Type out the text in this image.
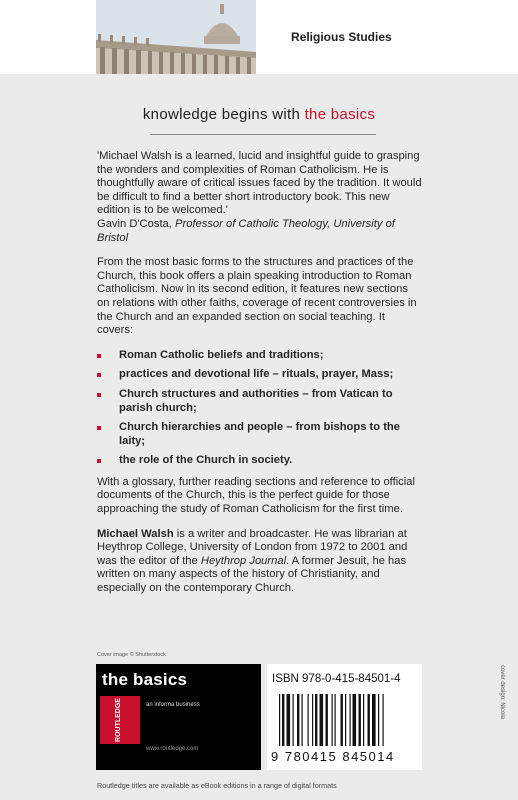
Religious Studies
knowledge begins with the basics

'Michael Walsh is a learned, lucid and insightful guide to grasping the wonders and complexities of Roman Catholicism. He is thoughtfully aware of critical issues faced by the tradition. It would be difficult to find a better short introductory book. This new edition is to be welcomed.'

Gavin D'Costa, Professor of Catholic Theology, University of Bristol

From the most basic forms to the structures and practices of the Church, this book offers a plain speaking introduction to Roman Catholicism. Now in its second edition, it features new sections on relations with other faiths, coverage of recent controversies in the Church and an expanded section on social teaching. It covers:

Roman Catholic beliefs and traditions;
practices and devotional life – rituals, prayer, Mass;
Church structures and authorities – from Vatican to parish church;
Church hierarchies and people – from bishops to the laity;
the role of the Church in society.

With a glossary, further reading sections and reference to official documents of the Church, this is the perfect guide for those approaching the study of Roman Catholicism for the first time.

Michael Walsh is a writer and broadcaster. He was librarian at Heythrop College, University of London from 1972 to 2001 and was the editor of the Heythrop Journal. A former Jesuit, he has written on many aspects of the history of Christianity, and especially on the contemporary Church.

Cover image © Shutterstock
cover design: Nicola
the basics
ROUTLEDGE	an informa business
www.routledge.com
ISBN 978-0-415-84501-4
9 780415 845014
Routledge titles are available as eBook editions in a range of digital formats
